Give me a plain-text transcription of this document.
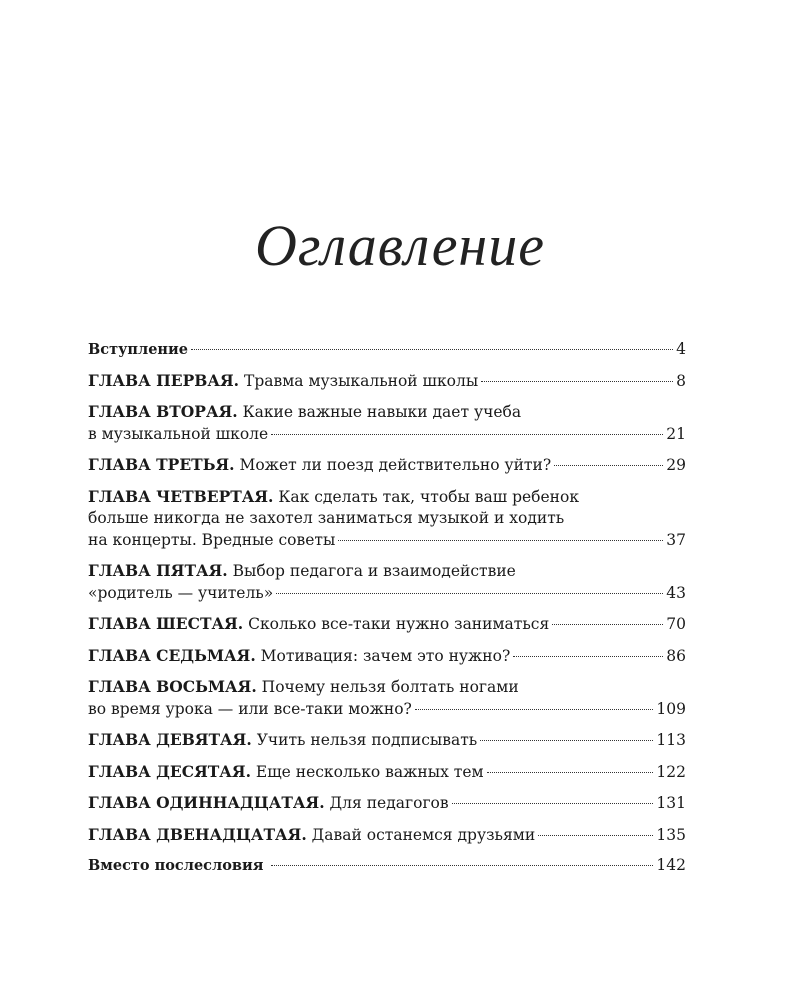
Оглавление
Вступление	4
ГЛАВА ПЕРВАЯ. Травма музыкальной школы	8
ГЛАВА ВТОРАЯ. Какие важные навыки дает учеба
в музыкальной школе	21
ГЛАВА ТРЕТЬЯ. Может ли поезд действительно уйти?	29
ГЛАВА ЧЕТВЕРТАЯ. Как сделать так, чтобы ваш ребенок
больше никогда не захотел заниматься музыкой и ходить
на концерты. Вредные советы	37
ГЛАВА ПЯТАЯ. Выбор педагога и взаимодействие
«родитель — учитель»	43
ГЛАВА ШЕСТАЯ. Сколько все-таки нужно заниматься	70
ГЛАВА СЕДЬМАЯ. Мотивация: зачем это нужно?	86
ГЛАВА ВОСЬМАЯ. Почему нельзя болтать ногами
во время урока — или все-таки можно?	109
ГЛАВА ДЕВЯТАЯ. Учить нельзя подписывать	113
ГЛАВА ДЕСЯТАЯ. Еще несколько важных тем	122
ГЛАВА ОДИННАДЦАТАЯ. Для педагогов	131
ГЛАВА ДВЕНАДЦАТАЯ. Давай останемся друзьями	135
Вместо послесловия	142
